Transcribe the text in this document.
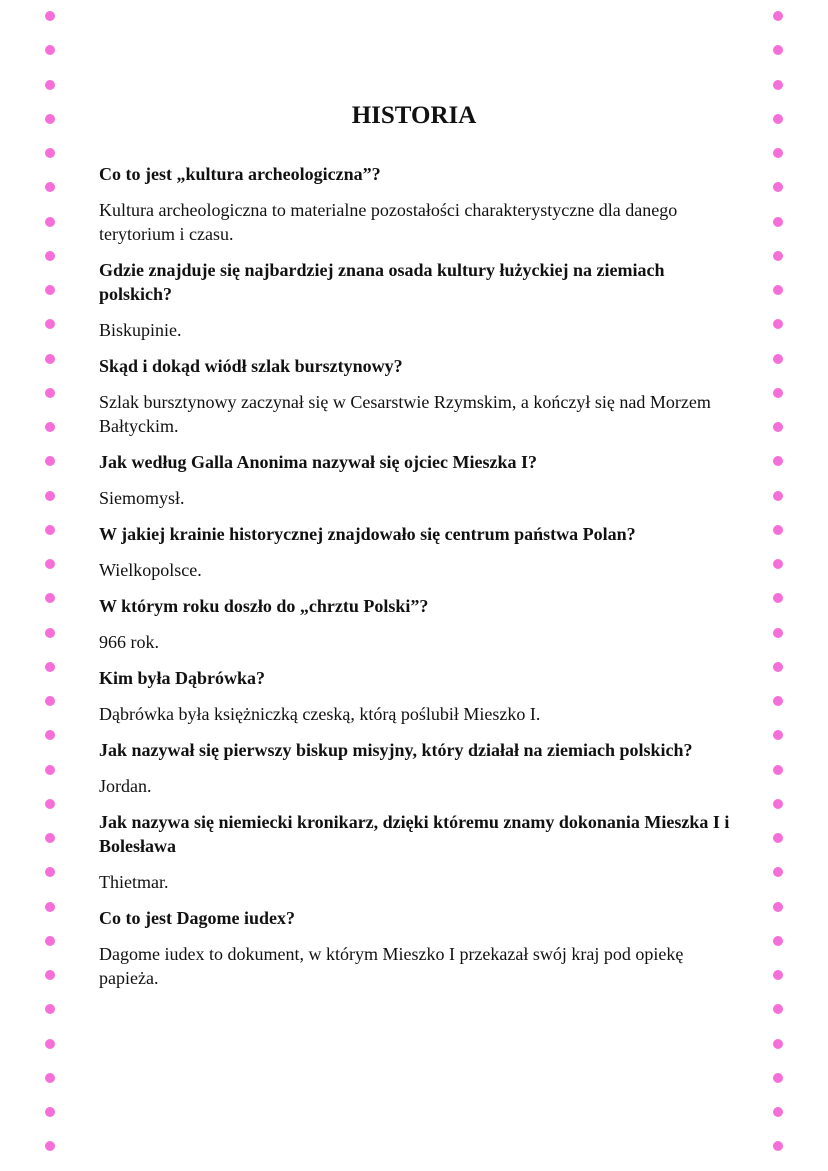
HISTORIA

Co to jest „kultura archeologiczna”?

Kultura archeologiczna to materialne pozostałości charakterystyczne dla danego terytorium i czasu.

Gdzie znajduje się najbardziej znana osada kultury łużyckiej na ziemiach polskich?

Biskupinie.

Skąd i dokąd wiódł szlak bursztynowy?

Szlak bursztynowy zaczynał się w Cesarstwie Rzymskim, a kończył się nad Morzem Bałtyckim.

Jak według Galla Anonima nazywał się ojciec Mieszka I?

Siemomysł.

W jakiej krainie historycznej znajdowało się centrum państwa Polan?

Wielkopolsce.

W którym roku doszło do „chrztu Polski”?

966 rok.

Kim była Dąbrówka?

Dąbrówka była księżniczką czeską, którą poślubił Mieszko I.

Jak nazywał się pierwszy biskup misyjny, który działał na ziemiach polskich?

Jordan.

Jak nazywa się niemiecki kronikarz, dzięki któremu znamy dokonania Mieszka I i Bolesława

Thietmar.

Co to jest Dagome iudex?

Dagome iudex to dokument, w którym Mieszko I przekazał swój kraj pod opiekę papieża.
